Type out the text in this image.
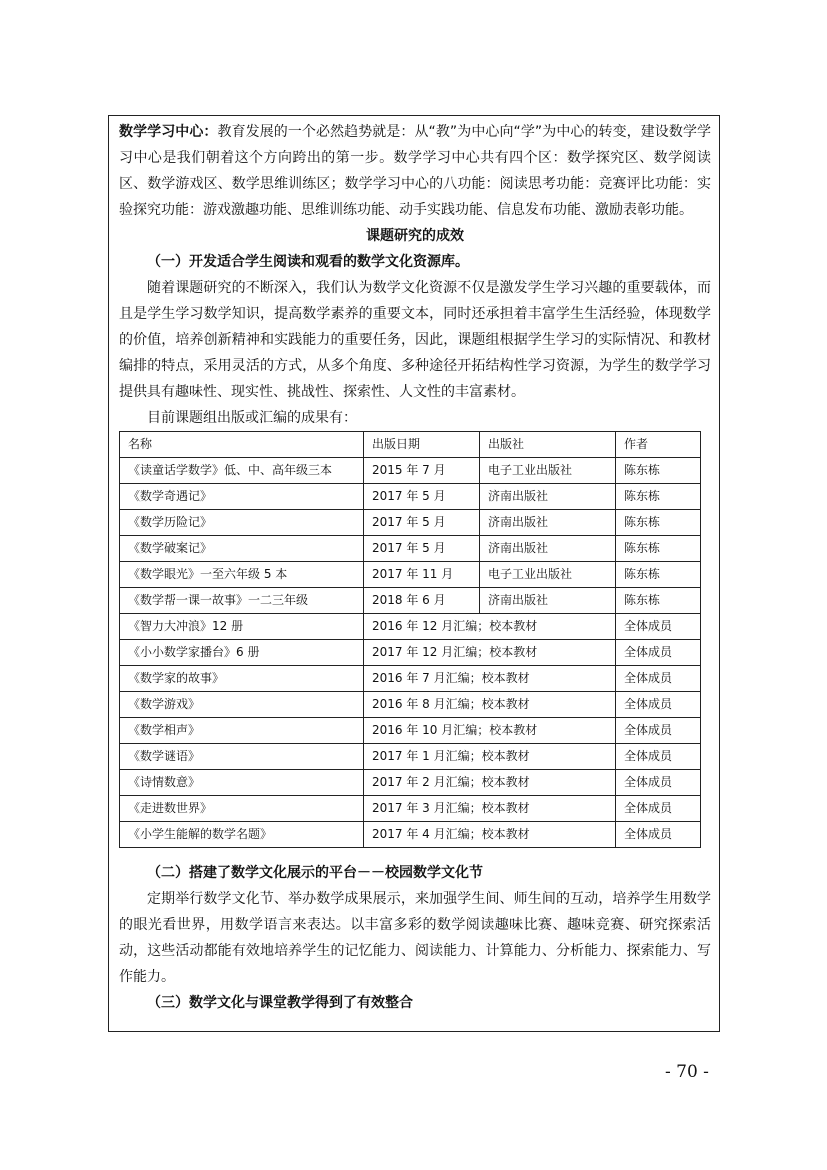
数学学习中心：教育发展的一个必然趋势就是：从“教”为中心向“学”为中心的转变，建设数学学习中心是我们朝着这个方向跨出的第一步。数学学习中心共有四个区：数学探究区、数学阅读区、数学游戏区、数学思维训练区；数学学习中心的八功能：阅读思考功能：竞赛评比功能：实验探究功能：游戏激趣功能、思维训练功能、动手实践功能、信息发布功能、激励表彰功能。

课题研究的成效

（一）开发适合学生阅读和观看的数学文化资源库。

随着课题研究的不断深入，我们认为数学文化资源不仅是激发学生学习兴趣的重要载体，而且是学生学习数学知识，提高数学素养的重要文本，同时还承担着丰富学生生活经验，体现数学的价值，培养创新精神和实践能力的重要任务，因此，课题组根据学生学习的实际情况、和教材编排的特点，采用灵活的方式，从多个角度、多种途径开拓结构性学习资源，为学生的数学学习提供具有趣味性、现实性、挑战性、探索性、人文性的丰富素材。

目前课题组出版或汇编的成果有：

名称	出版日期	出版社	作者
《读童话学数学》低、中、高年级三本	2015 年 7 月	电子工业出版社	陈东栋
《数学奇遇记》	2017 年 5 月	济南出版社	陈东栋
《数学历险记》	2017 年 5 月	济南出版社	陈东栋
《数学破案记》	2017 年 5 月	济南出版社	陈东栋
《数学眼光》一至六年级 5 本	2017 年 11 月	电子工业出版社	陈东栋
《数学帮一课一故事》一二三年级	2018 年 6 月	济南出版社	陈东栋
《智力大冲浪》12 册	2016 年 12 月汇编；校本教材		全体成员
《小小数学家播台》6 册	2017 年 12 月汇编；校本教材		全体成员
《数学家的故事》	2016 年 7 月汇编；校本教材		全体成员
《数学游戏》	2016 年 8 月汇编；校本教材		全体成员
《数学相声》	2016 年 10 月汇编；校本教材		全体成员
《数学谜语》	2017 年 1 月汇编；校本教材		全体成员
《诗情数意》	2017 年 2 月汇编；校本教材		全体成员
《走进数世界》	2017 年 3 月汇编；校本教材		全体成员
《小学生能解的数学名题》	2017 年 4 月汇编；校本教材		全体成员

（二）搭建了数学文化展示的平台－－校园数学文化节

定期举行数学文化节、举办数学成果展示，来加强学生间、师生间的互动，培养学生用数学的眼光看世界，用数学语言来表达。以丰富多彩的数学阅读趣味比赛、趣味竞赛、研究探索活动，这些活动都能有效地培养学生的记忆能力、阅读能力、计算能力、分析能力、探索能力、写作能力。

（三）数学文化与课堂教学得到了有效整合

- 70 -
